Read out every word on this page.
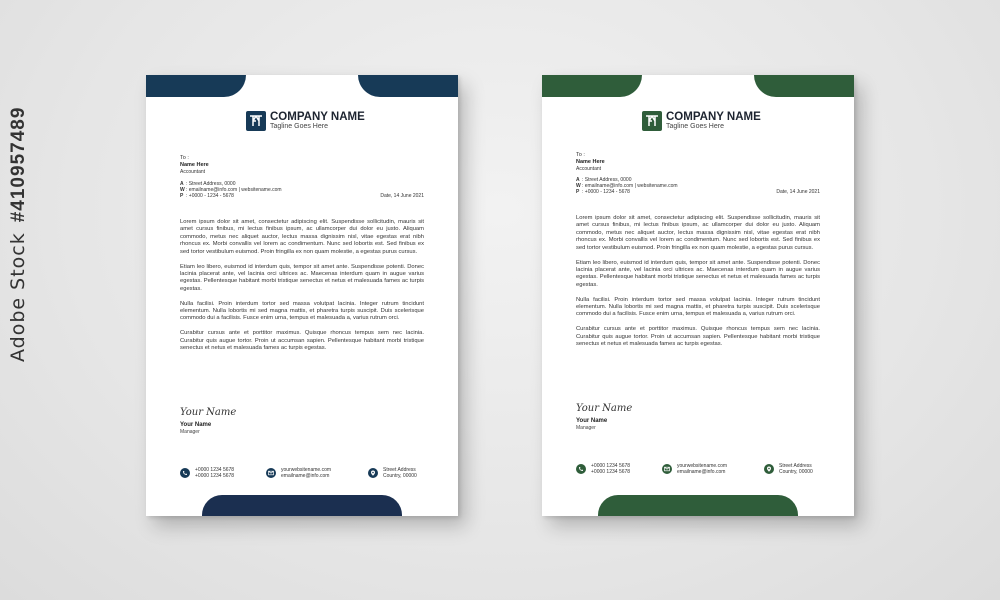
Adobe Stock#410957489	COMPANY NAME
Tagline Goes Here
To :
Name Here
Accountant
A : Street Address, 0000
W: emailname@info.com | websitename.com
P : +0000 - 1234 - 5678	Date, 14 June 2021

Lorem ipsum dolor sit amet, consectetur adipiscing elit. Suspendisse sollicitudin, mauris sit amet cursus finibus, mi lectus finibus ipsum, ac ullamcorper dui dolor eu justo. Aliquam commodo, metus nec aliquet auctor, lectus massa dignissim nisl, vitae egestas erat nibh rhoncus ex. Morbi convallis vel lorem ac condimentum. Nunc sed lobortis est. Sed finibus ex sed tortor vestibulum euismod. Proin fringilla ex non quam molestie, a egestas purus cursus.

Etiam leo libero, euismod id interdum quis, tempor sit amet ante. Suspendisse potenti. Donec lacinia placerat ante, vel lacinia orci ultrices ac. Maecenas interdum quam in augue varius egestas. Pellentesque habitant morbi tristique senectus et netus et malesuada fames ac turpis egestas.

Nulla facilisi. Proin interdum tortor sed massa volutpat lacinia. Integer rutrum tincidunt elementum. Nulla lobortis mi sed magna mattis, et pharetra turpis suscipit. Duis scelerisque commodo dui a facilisis. Fusce enim urna, tempus et malesuada a, varius rutrum orci.

Curabitur cursus ante et porttitor maximus. Quisque rhoncus tempus sem nec lacinia. Curabitur quis augue tortor. Proin ut accumsan sapien. Pellentesque habitant morbi tristique senectus et netus et malesuada fames ac turpis egestas.

Your Name
Your Name
Manager
+0000 1234 5678
+0000 1234 5678
yourwebsitename.com
emailname@info.com
Street Address
Country, 00000
COMPANY NAME
Tagline Goes Here
To :
Name Here
Accountant
A : Street Address, 0000
W: emailname@info.com | websitename.com
P : +0000 - 1234 - 5678	Date, 14 June 2021

Lorem ipsum dolor sit amet, consectetur adipiscing elit. Suspendisse sollicitudin, mauris sit amet cursus finibus, mi lectus finibus ipsum, ac ullamcorper dui dolor eu justo. Aliquam commodo, metus nec aliquet auctor, lectus massa dignissim nisl, vitae egestas erat nibh rhoncus ex. Morbi convallis vel lorem ac condimentum. Nunc sed lobortis est. Sed finibus ex sed tortor vestibulum euismod. Proin fringilla ex non quam molestie, a egestas purus cursus.

Etiam leo libero, euismod id interdum quis, tempor sit amet ante. Suspendisse potenti. Donec lacinia placerat ante, vel lacinia orci ultrices ac. Maecenas interdum quam in augue varius egestas. Pellentesque habitant morbi tristique senectus et netus et malesuada fames ac turpis egestas.

Nulla facilisi. Proin interdum tortor sed massa volutpat lacinia. Integer rutrum tincidunt elementum. Nulla lobortis mi sed magna mattis, et pharetra turpis suscipit. Duis scelerisque commodo dui a facilisis. Fusce enim urna, tempus et malesuada a, varius rutrum orci.

Curabitur cursus ante et porttitor maximus. Quisque rhoncus tempus sem nec lacinia. Curabitur quis augue tortor. Proin ut accumsan sapien. Pellentesque habitant morbi tristique senectus et netus et malesuada fames ac turpis egestas.

Your Name
Your Name
Manager
+0000 1234 5678
+0000 1234 5678
yourwebsitename.com
emailname@info.com
Street Address
Country, 00000
